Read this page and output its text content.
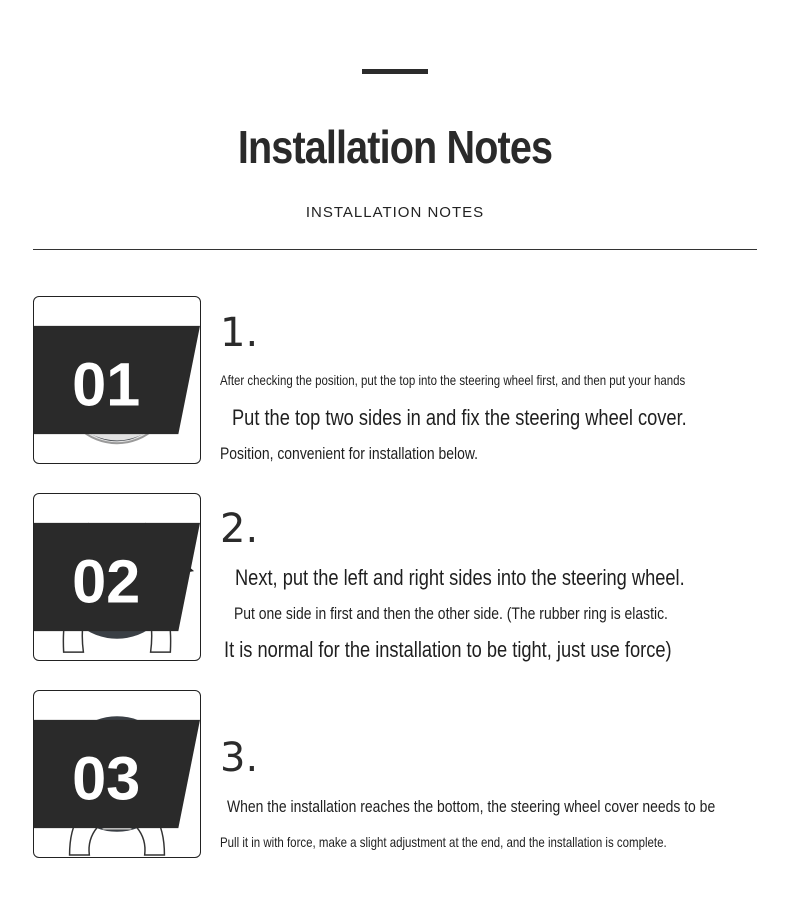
Installation Notes
INSTALLATION NOTES
01
1.
After checking the position, put the top into the steering wheel first, and then put your hands
Put the top two sides in and fix the steering wheel cover.
Position, convenient for installation below.
02
2.
Next, put the left and right sides into the steering wheel.
Put one side in first and then the other side. (The rubber ring is elastic.
It is normal for the installation to be tight, just use force)
03 3.
When the installation reaches the bottom, the steering wheel cover needs to be
Pull it in with force, make a slight adjustment at the end, and the installation is complete.
